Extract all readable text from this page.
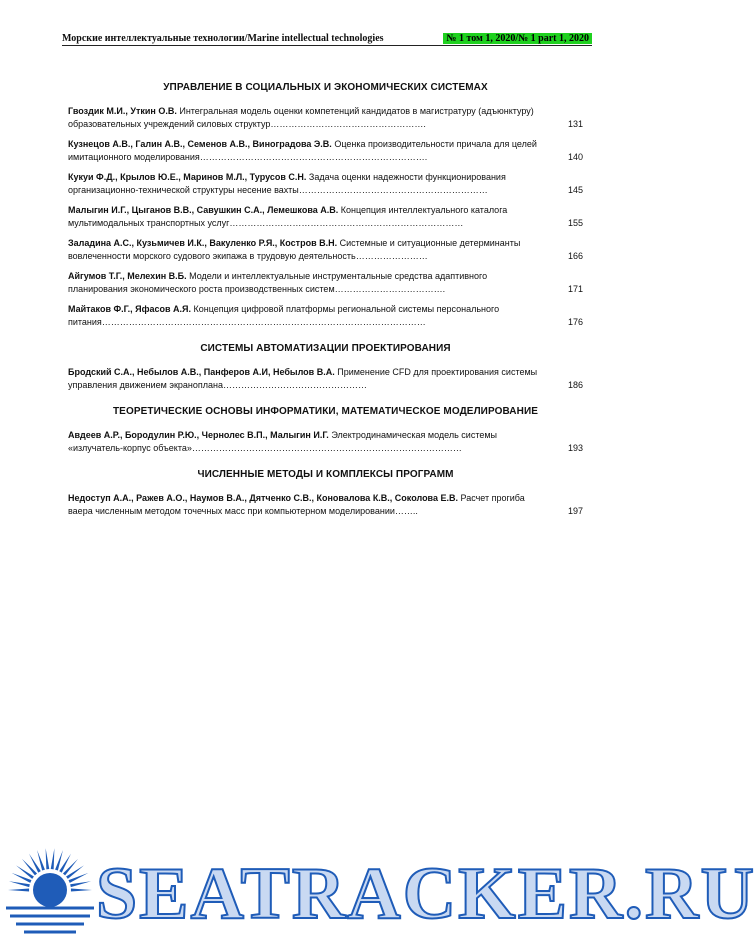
Морские интеллектуальные технологии/Marine intellectual technologies	№ 1 том 1, 2020/№ 1 part 1, 2020
УПРАВЛЕНИЕ В СОЦИАЛЬНЫХ И ЭКОНОМИЧЕСКИХ СИСТЕМАХ
Гвоздик М.И., Уткин О.В. Интегральная модель оценки компетенций кандидатов в магистратуру (адъюнктуру) образовательных учреждений силовых структур…………………………………………….	131
Кузнецов А.В., Галин А.В., Семенов А.В., Виноградова Э.В. Оценка производительности причала для целей имитационного моделирования………………………………………………………………….	140
Кукуи Ф.Д., Крылов Ю.Е., Маринов М.Л., Турусов С.Н. Задача оценки надежности функционирования организационно-технической структуры несение вахты………………………………………………………	145
Малыгин И.Г., Цыганов В.В., Савушкин С.А., Лемешкова А.В. Концепция интеллектуального каталога мультимодальных транспортных услуг……………………………………………………………………	155
Заладина А.С., Кузьмичев И.К., Вакуленко Р.Я., Костров В.Н. Системные и ситуационные детерминанты вовлеченности морского судового экипажа в трудовую деятельность……………………	166
Айгумов Т.Г., Мелехин В.Б. Модели и интеллектуальные инструментальные средства адаптивного планирования экономического роста производственных систем……………………………….	171
Майтаков Ф.Г., Яфасов А.Я. Концепция цифровой платформы региональной системы персонального питания………………………………………………………………………………………………	176
СИСТЕМЫ АВТОМАТИЗАЦИИ ПРОЕКТИРОВАНИЯ
Бродский С.А., Небылов А.В., Панферов А.И, Небылов В.А. Применение CFD для проектирования системы управления движением экраноплана…………………………………………	186
ТЕОРЕТИЧЕСКИЕ ОСНОВЫ ИНФОРМАТИКИ, МАТЕМАТИЧЕСКОЕ МОДЕЛИРОВАНИЕ
Авдеев А.Р., Бородулин Р.Ю., Чернолес В.П., Малыгин И.Г. Электродинамическая модель системы «излучатель-корпус объекта»………………………………………………………………………………	193
ЧИСЛЕННЫЕ МЕТОДЫ И КОМПЛЕКСЫ ПРОГРАММ
Недоступ А.А., Ражев А.О., Наумов В.А., Дятченко С.В., Коновалова К.В., Соколова Е.В. Расчет прогиба ваера численным методом точечных масс при компьютерном моделировании……..	197
SEATRACKER.RU
